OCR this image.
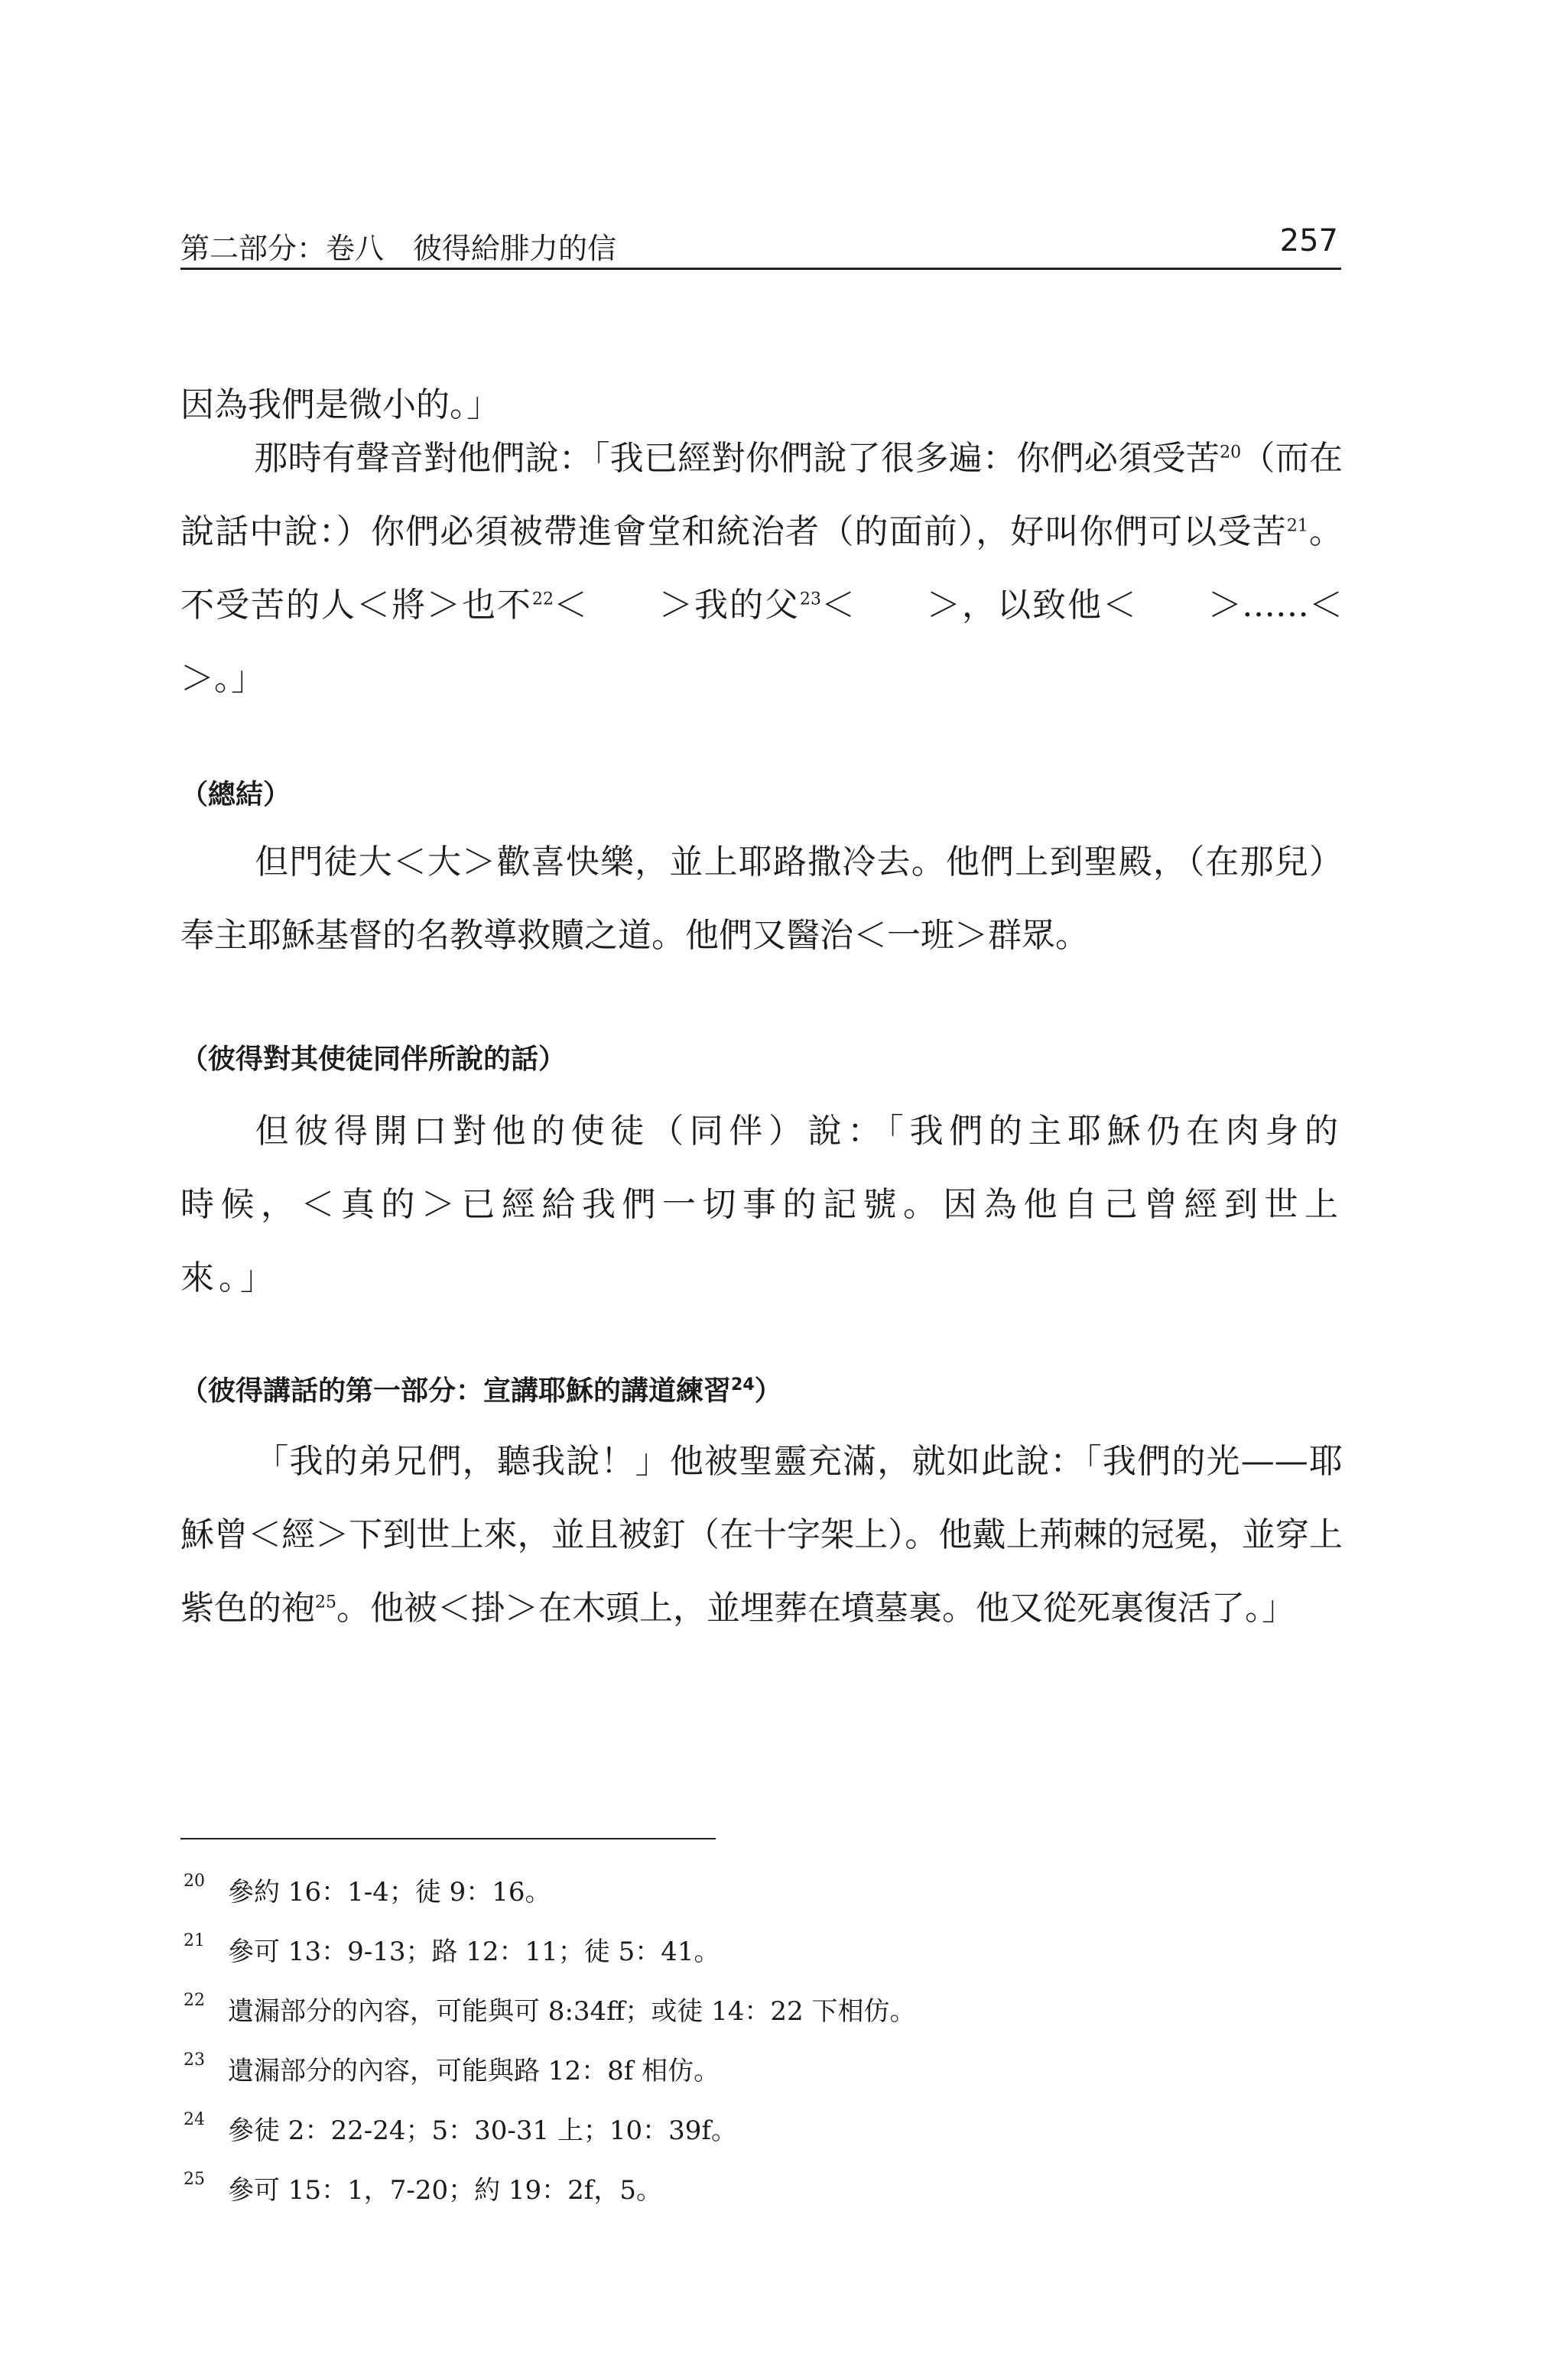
第二部分：卷八　彼得給腓力的信	257

因為我們是微小的。」

那時有聲音對他們說：「我已經對你們說了很多遍：你們必須受苦$^{20}$（而在說話中說：）你們必須被帶進會堂和統治者（的面前），好叫你們可以受苦$^{21}$。不受苦的人＜將＞也不$^{22}$＜　　＞我的父$^{23}$＜　　＞，以致他＜　　＞……＜　　＞。」

（總結）

但門徒大＜大＞歡喜快樂，並上耶路撒冷去。他們上到聖殿，（在那兒）奉主耶穌基督的名教導救贖之道。他們又醫治＜一班＞群眾。

（彼得對其使徒同伴所說的話）

但彼得開口對他的使徒（同伴）說：「我們的主耶穌仍在肉身的時候，＜真的＞已經給我們一切事的記號。因為他自己曾經到世上來。」

（彼得講話的第一部分：宣講耶穌的講道練習$^{24}$）

「我的弟兄們，聽我說！」他被聖靈充滿，就如此說：「我們的光——耶穌曾＜經＞下到世上來，並且被釘（在十字架上）。他戴上荊棘的冠冕，並穿上紫色的袍$^{25}$。他被＜掛＞在木頭上，並埋葬在墳墓裏。他又從死裏復活了。」

20 參約 16：1-4；徒 9：16。
21 參可 13：9-13；路 12：11；徒 5：41。
22 遺漏部分的內容，可能與可 8:34ff；或徒 14：22 下相仿。
23 遺漏部分的內容，可能與路 12：8f 相仿。
24 參徒 2：22-24；5：30-31 上；10：39f。
25 參可 15：1，7-20；約 19：2f，5。
